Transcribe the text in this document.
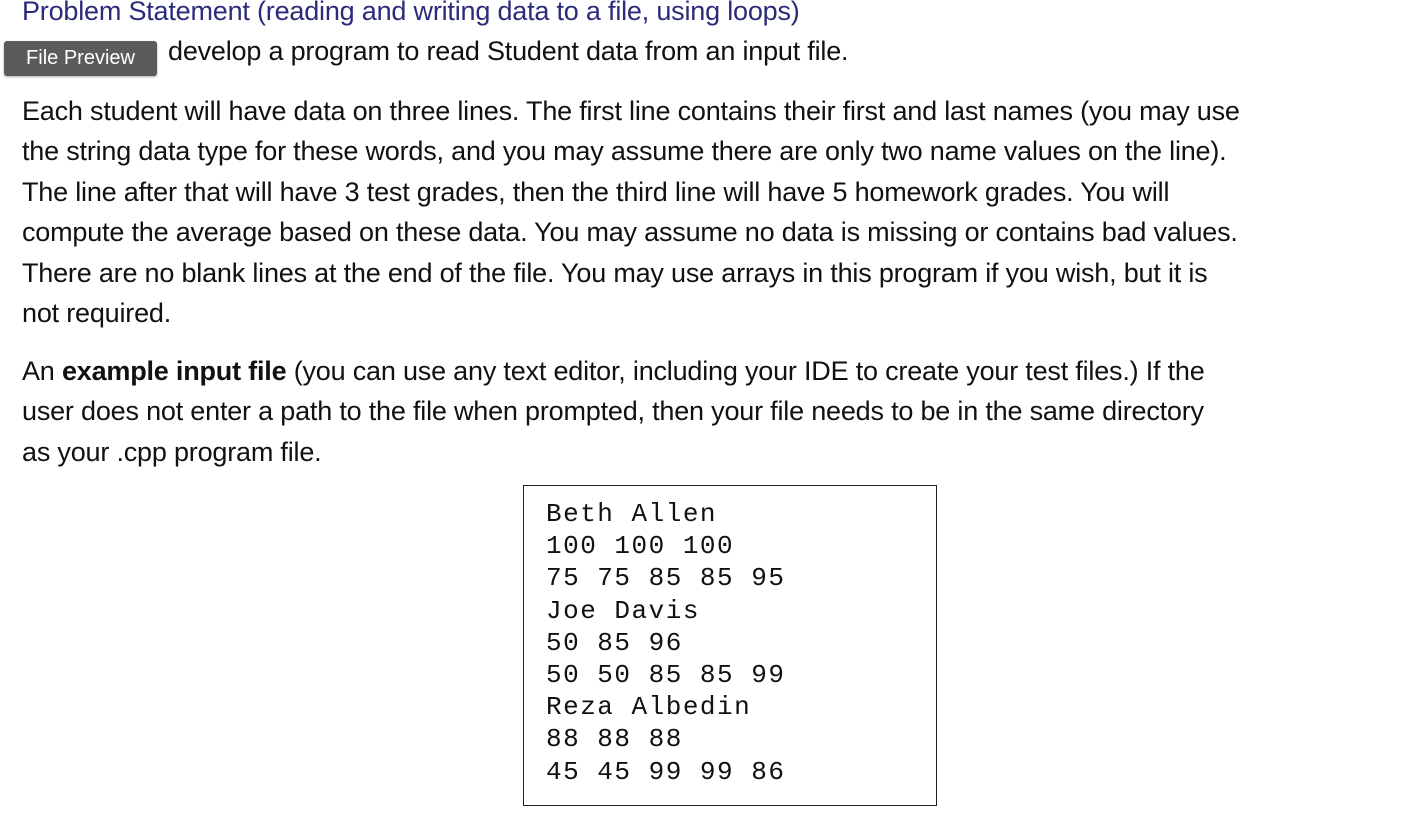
Problem Statement (reading and writing data to a file, using loops)
develop a program to read Student data from an input file.
File Preview
Each student will have data on three lines. The first line contains their first and last names (you may use
the string data type for these words, and you may assume there are only two name values on the line).
The line after that will have 3 test grades, then the third line will have 5 homework grades. You will
compute the average based on these data. You may assume no data is missing or contains bad values.
There are no blank lines at the end of the file. You may use arrays in this program if you wish, but it is
not required.
An example input file (you can use any text editor, including your IDE to create your test files.) If the
user does not enter a path to the file when prompted, then your file needs to be in the same directory
as your .cpp program file.
Beth Allen
100 100 100
75 75 85 85 95
Joe Davis
50 85 96
50 50 85 85 99
Reza Albedin
88 88 88
45 45 99 99 86
